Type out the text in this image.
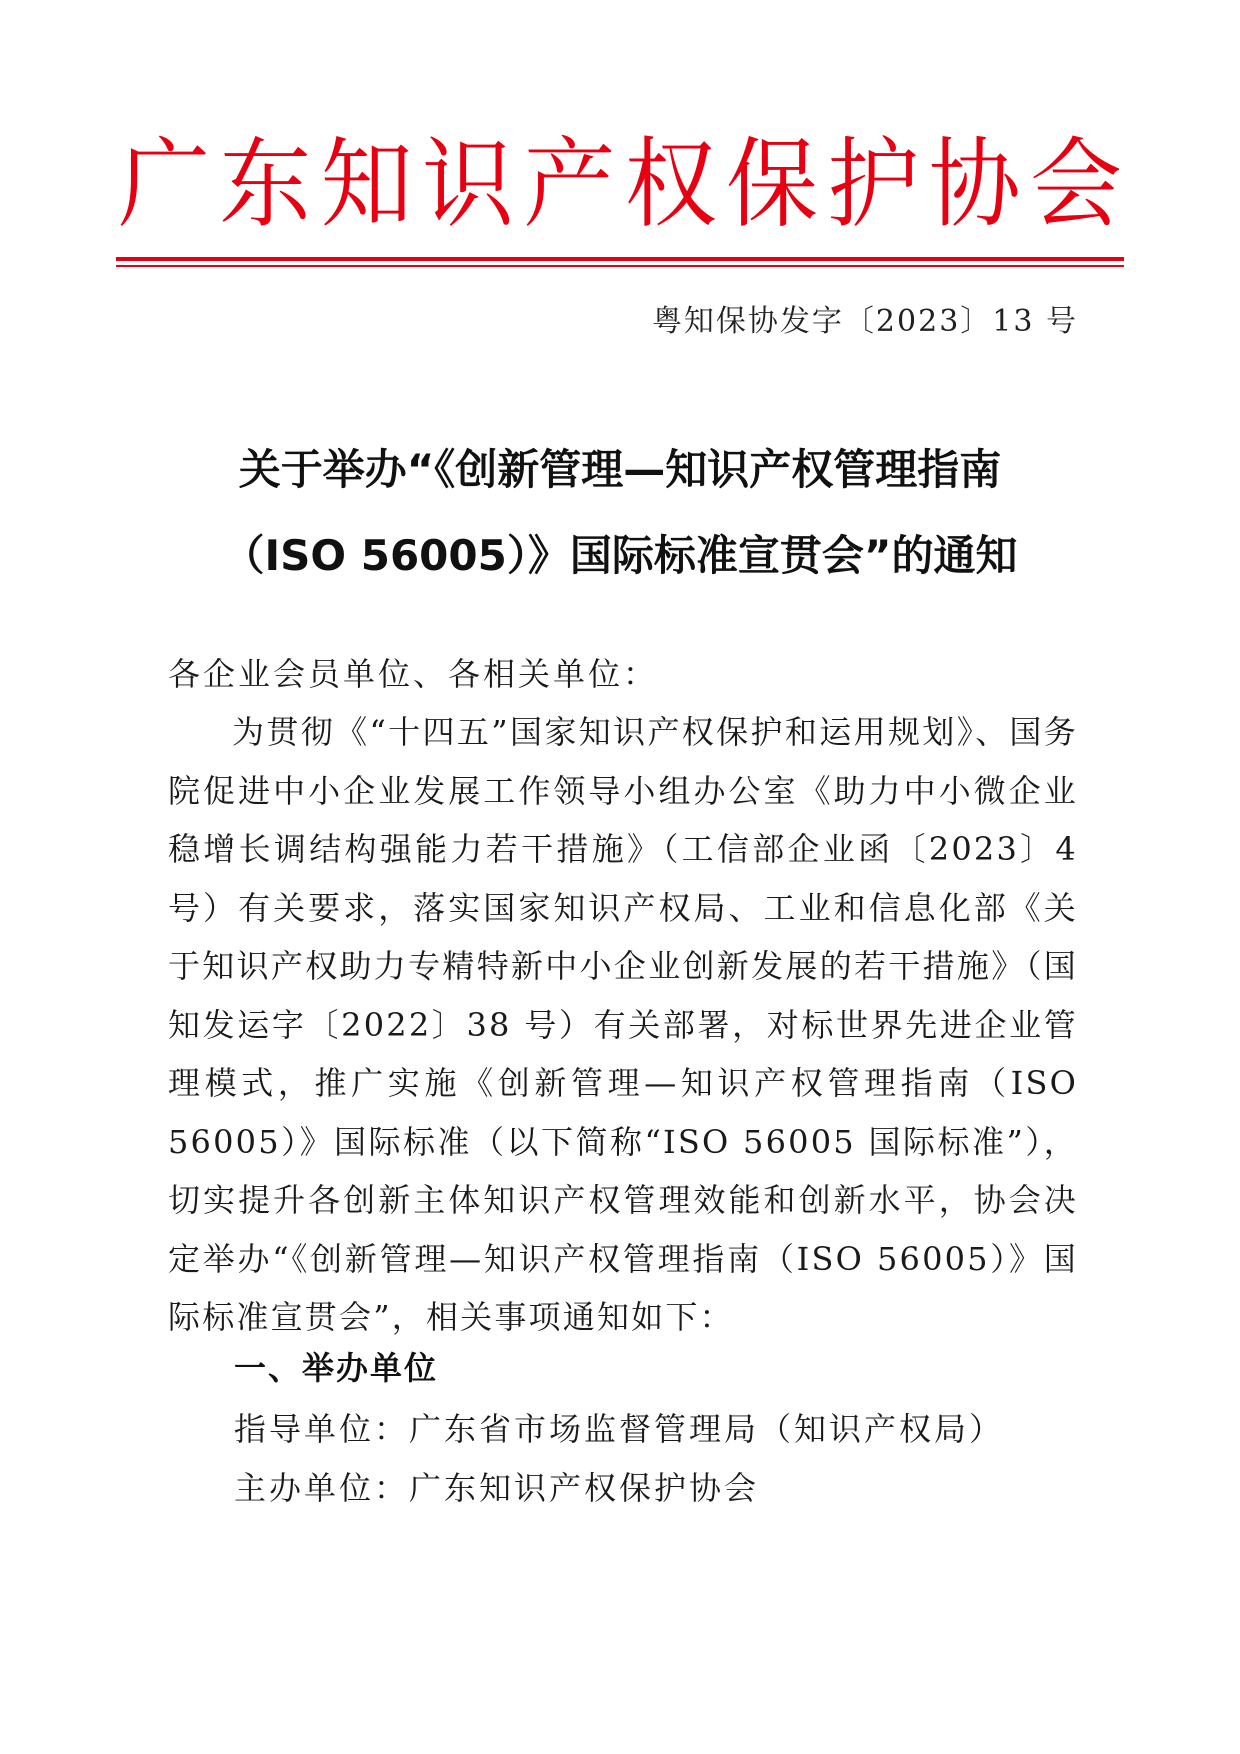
广 东 知 识 产 权 保 护 协 会
粤知保协发字〔2023〕13 号
关于举办“《创新管理—知识产权管理指南
（ISO 56005）》国际标准宣贯会”的通知
各企业会员单位、各相关单位：
为贯彻《“十四五”国家知识产权保护和运用规划》、国务院促进中小企业发展工作领导小组办公室《助力中小微企业稳增长调结构强能力若干措施》（工信部企业函〔2023〕4 号）有关要求，落实国家知识产权局、工业和信息化部《关于知识产权助力专精特新中小企业创新发展的若干措施》（国知发运字〔2022〕38 号）有关部署，对标世界先进企业管理模式，推广实施《创新管理—知识产权管理指南（ISO 56005）》国际标准（以下简称“ISO 56005 国际标准”），切实提升各创新主体知识产权管理效能和创新水平，协会决定举办“《创新管理—知识产权管理指南（ISO 56005）》国际标准宣贯会”，相关事项通知如下：
一、举办单位
指导单位：广东省市场监督管理局（知识产权局）
主办单位：广东知识产权保护协会
